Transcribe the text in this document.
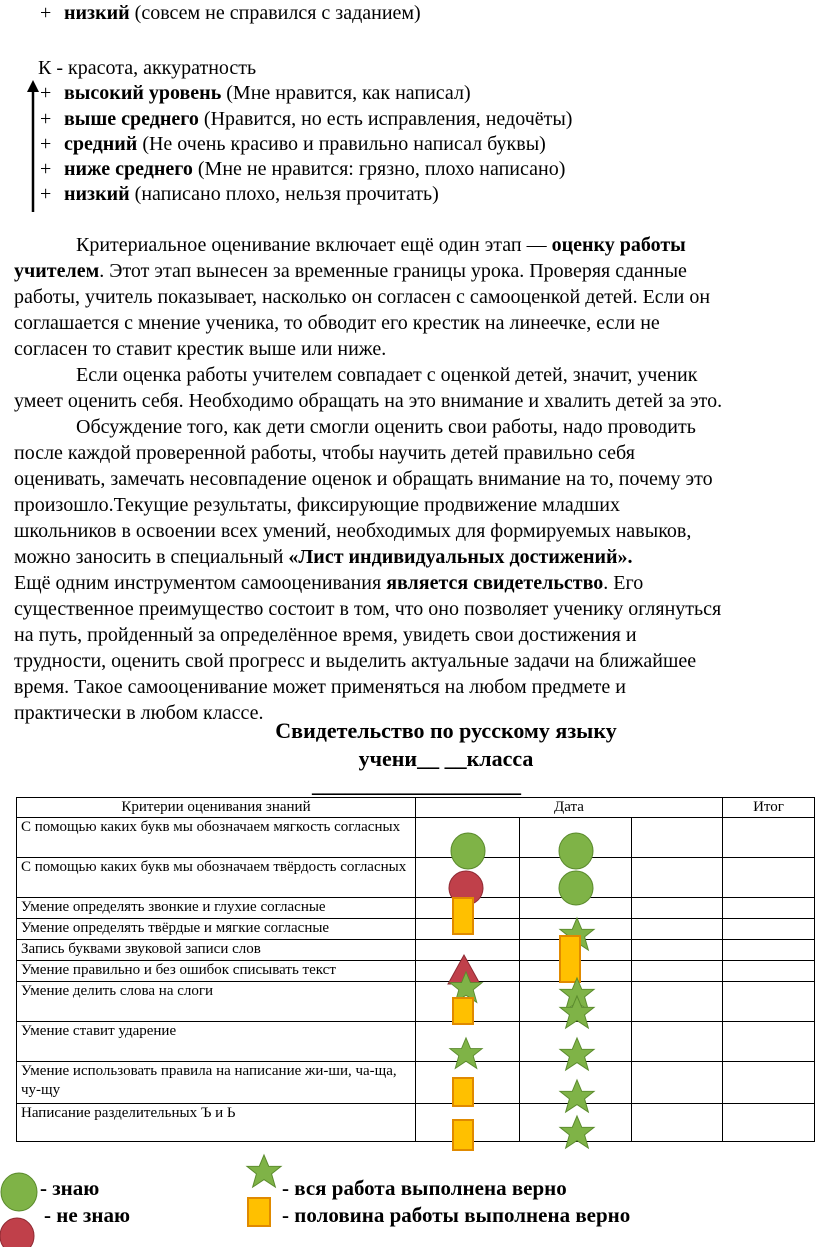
+ низкий (совсем не справился с заданием)
К - красота, аккуратность
+ высокий уровень (Мне нравится, как написал)
+ выше среднего (Нравится, но есть исправления, недочёты)
+ средний (Не очень красиво и правильно написал буквы)
+ ниже среднего (Мне не нравится: грязно, плохо написано)
+ низкий (написано плохо, нельзя прочитать)
Критериальное оценивание включает ещё один этап — оценку работы
учителем. Этот этап вынесен за временные границы урока. Проверяя сданные
работы, учитель показывает, насколько он согласен с самооценкой детей. Если он
соглашается с мнение ученика, то обводит его крестик на линеечке, если не
согласен то ставит крестик выше или ниже.
Если оценка работы учителем совпадает с оценкой детей, значит, ученик
умеет оценить себя. Необходимо обращать на это внимание и хвалить детей за это.
Обсуждение того, как дети смогли оценить свои работы, надо проводить
после каждой проверенной работы, чтобы научить детей правильно себя
оценивать, замечать несовпадение оценок и обращать внимание на то, почему это
произошло.Текущие результаты, фиксирующие продвижение младших
школьников в освоении всех умений, необходимых для формируемых навыков,
можно заносить в специальный «Лист индивидуальных достижений».
Ещё одним инструментом самооценивания является свидетельство. Его
существенное преимущество состоит в том, что оно позволяет ученику оглянуться
на путь, пройденный за определённое время, увидеть свои достижения и
трудности, оценить свой прогресс и выделить актуальные задачи на ближайшее
время. Такое самооценивание может применяться на любом предмете и
практически в любом классе.
Свидетельство по русскому языку
учени__ __класса
___________________
Критерии оценивания знаний	Дата			Итог
С помощью каких букв мы обозначаем мягкость согласных				
С помощью каких букв мы обозначаем твёрдость согласных				
Умение определять звонкие и глухие согласные				
Умение определять твёрдые и мягкие согласные				
Запись буквами звуковой записи слов				
Умение правильно и без ошибок списывать текст				
Умение делить слова на слоги				
Умение ставит ударение				
Умение использовать правила на написание жи-ши, ча-ща, чу-щу				
Написание разделительных Ъ и Ь				
- знаю
- не знаю
- вся работа выполнена верно
- половина работы выполнена верно
